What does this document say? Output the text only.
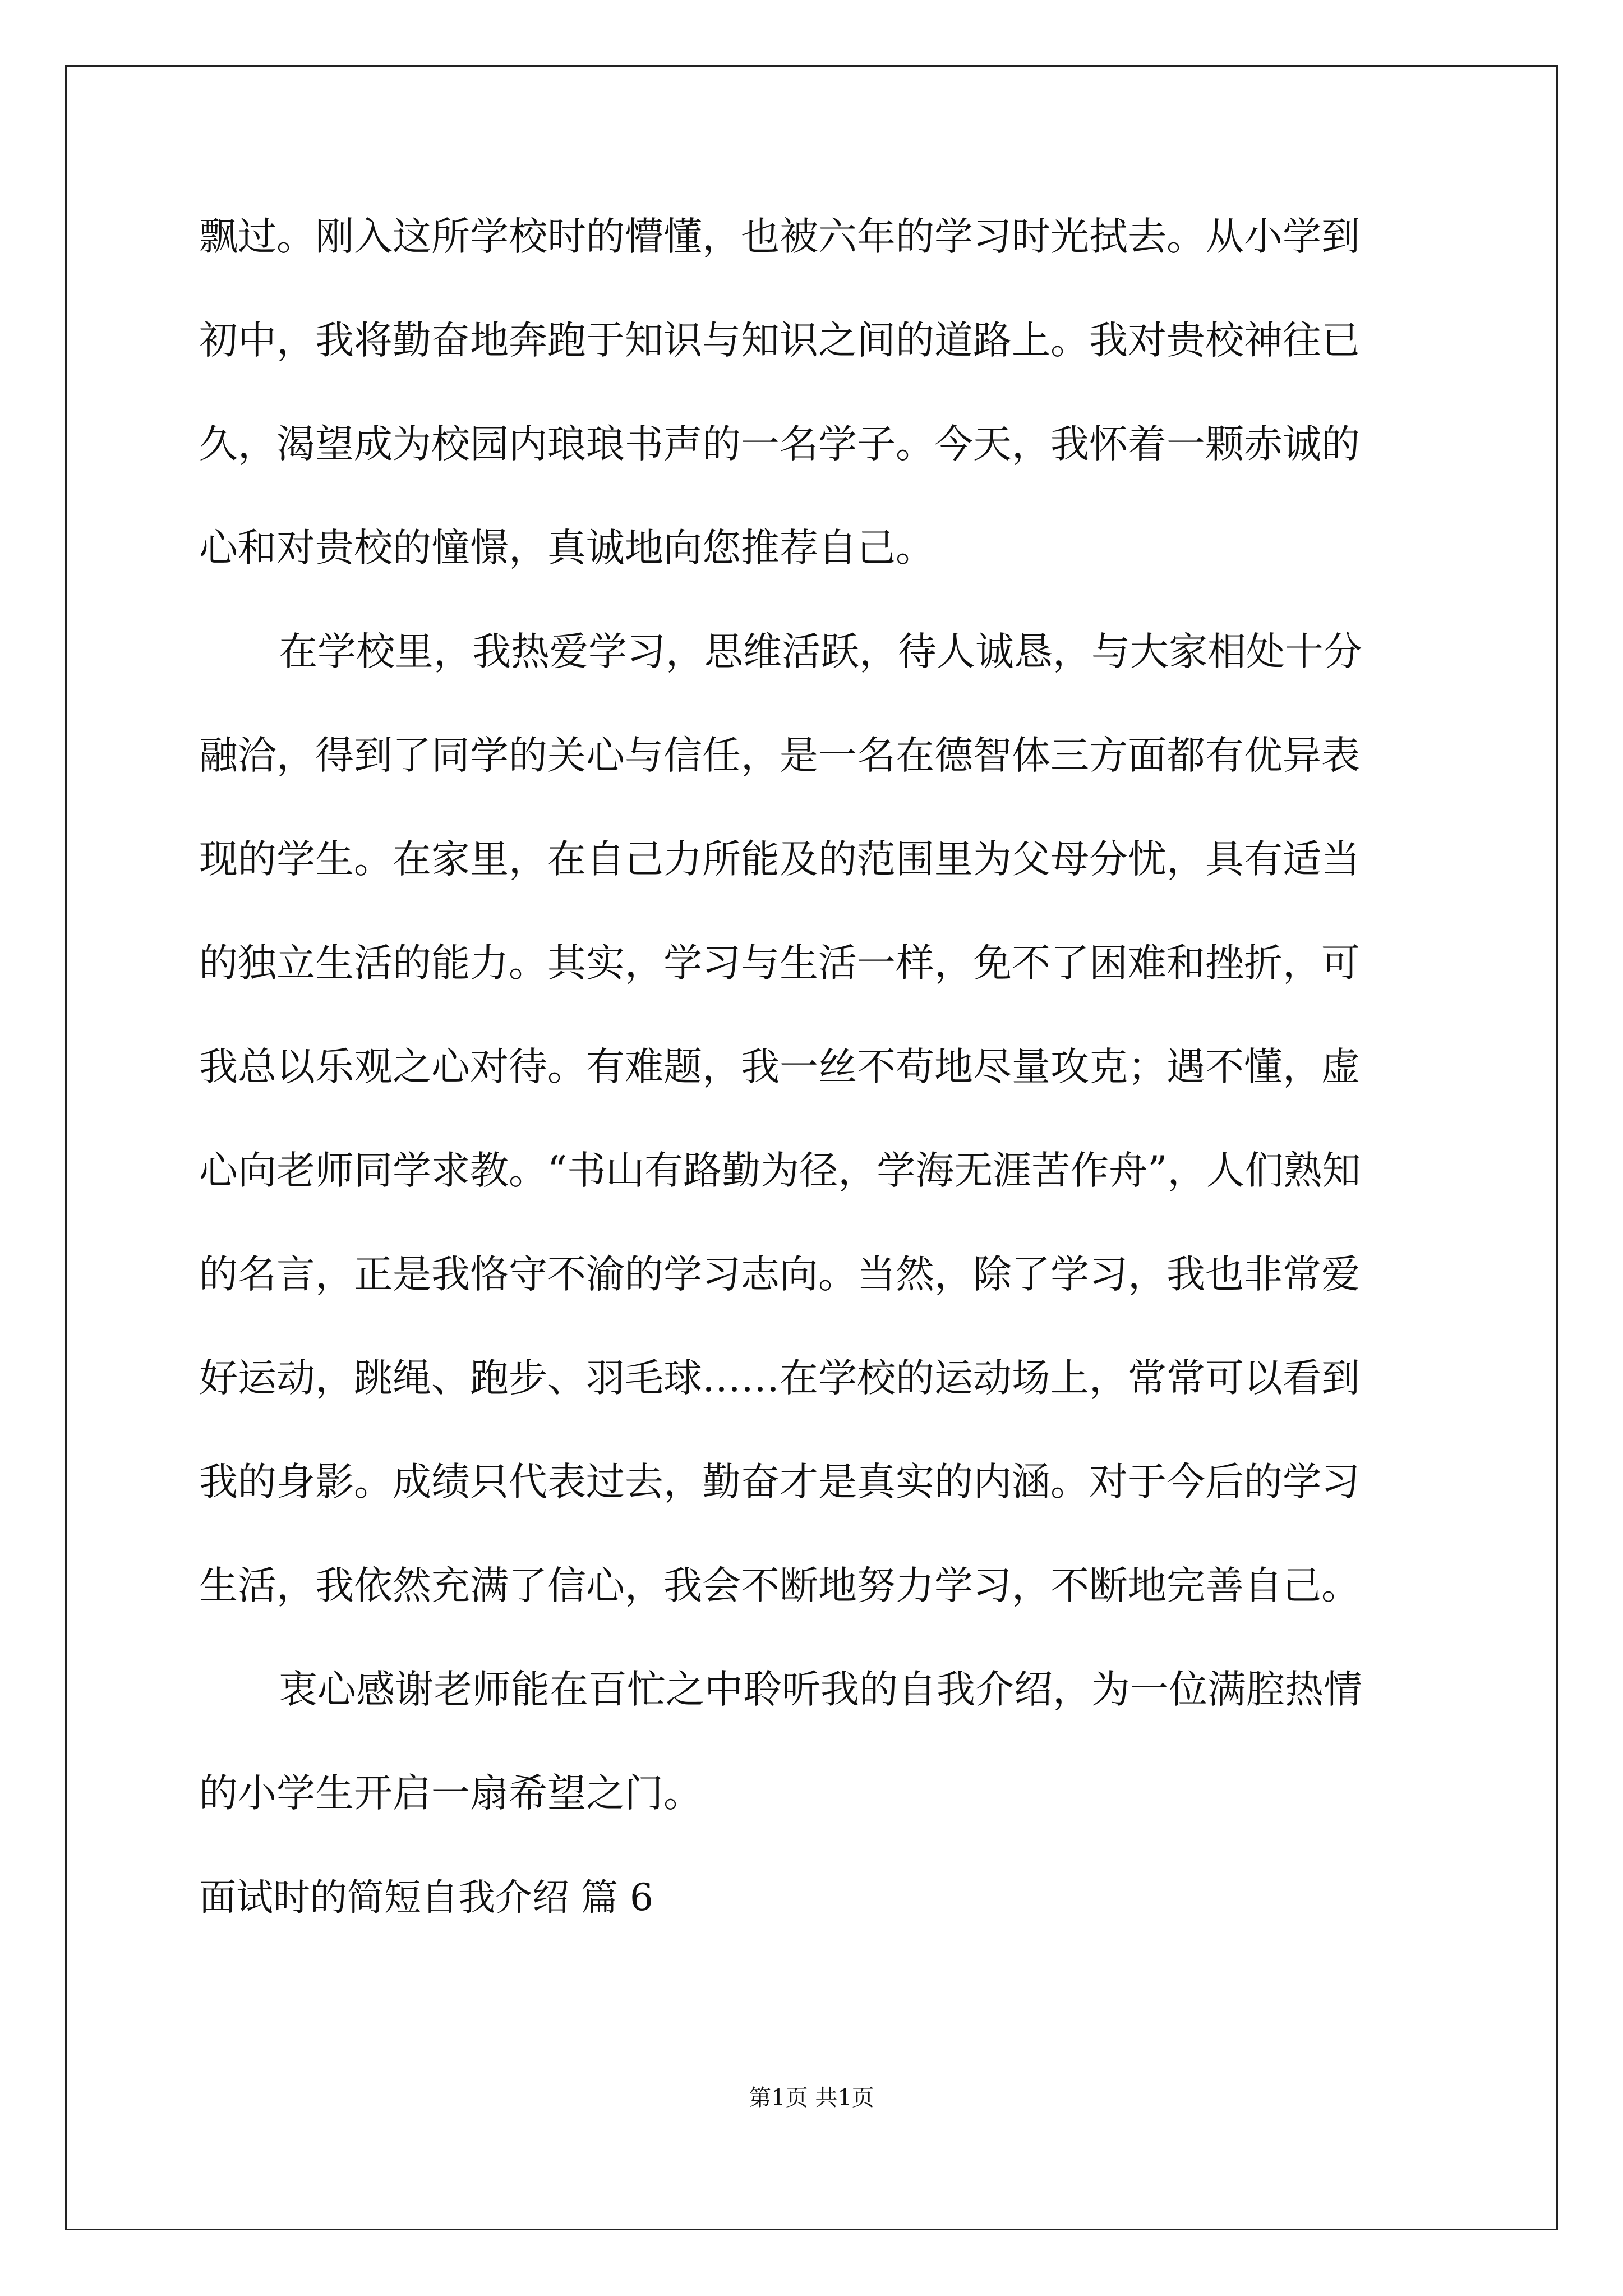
飘过。刚入这所学校时的懵懂，也被六年的学习时光拭去。从小学到
初中，我将勤奋地奔跑于知识与知识之间的道路上。我对贵校神往已
久，渴望成为校园内琅琅书声的一名学子。今天，我怀着一颗赤诚的
心和对贵校的憧憬，真诚地向您推荐自己。
在学校里，我热爱学习，思维活跃，待人诚恳，与大家相处十分
融洽，得到了同学的关心与信任，是一名在德智体三方面都有优异表
现的学生。在家里，在自己力所能及的范围里为父母分忧，具有适当
的独立生活的能力。其实，学习与生活一样，免不了困难和挫折，可
我总以乐观之心对待。有难题，我一丝不苟地尽量攻克；遇不懂，虚
心向老师同学求教。“书山有路勤为径，学海无涯苦作舟”，人们熟知
的名言，正是我恪守不渝的学习志向。当然，除了学习，我也非常爱
好运动，跳绳、跑步、羽毛球……在学校的运动场上，常常可以看到
我的身影。成绩只代表过去，勤奋才是真实的内涵。对于今后的学习
生活，我依然充满了信心，我会不断地努力学习，不断地完善自己。
衷心感谢老师能在百忙之中聆听我的自我介绍，为一位满腔热情
的小学生开启一扇希望之门。
面试时的简短自我介绍 篇 6
第1页 共1页
